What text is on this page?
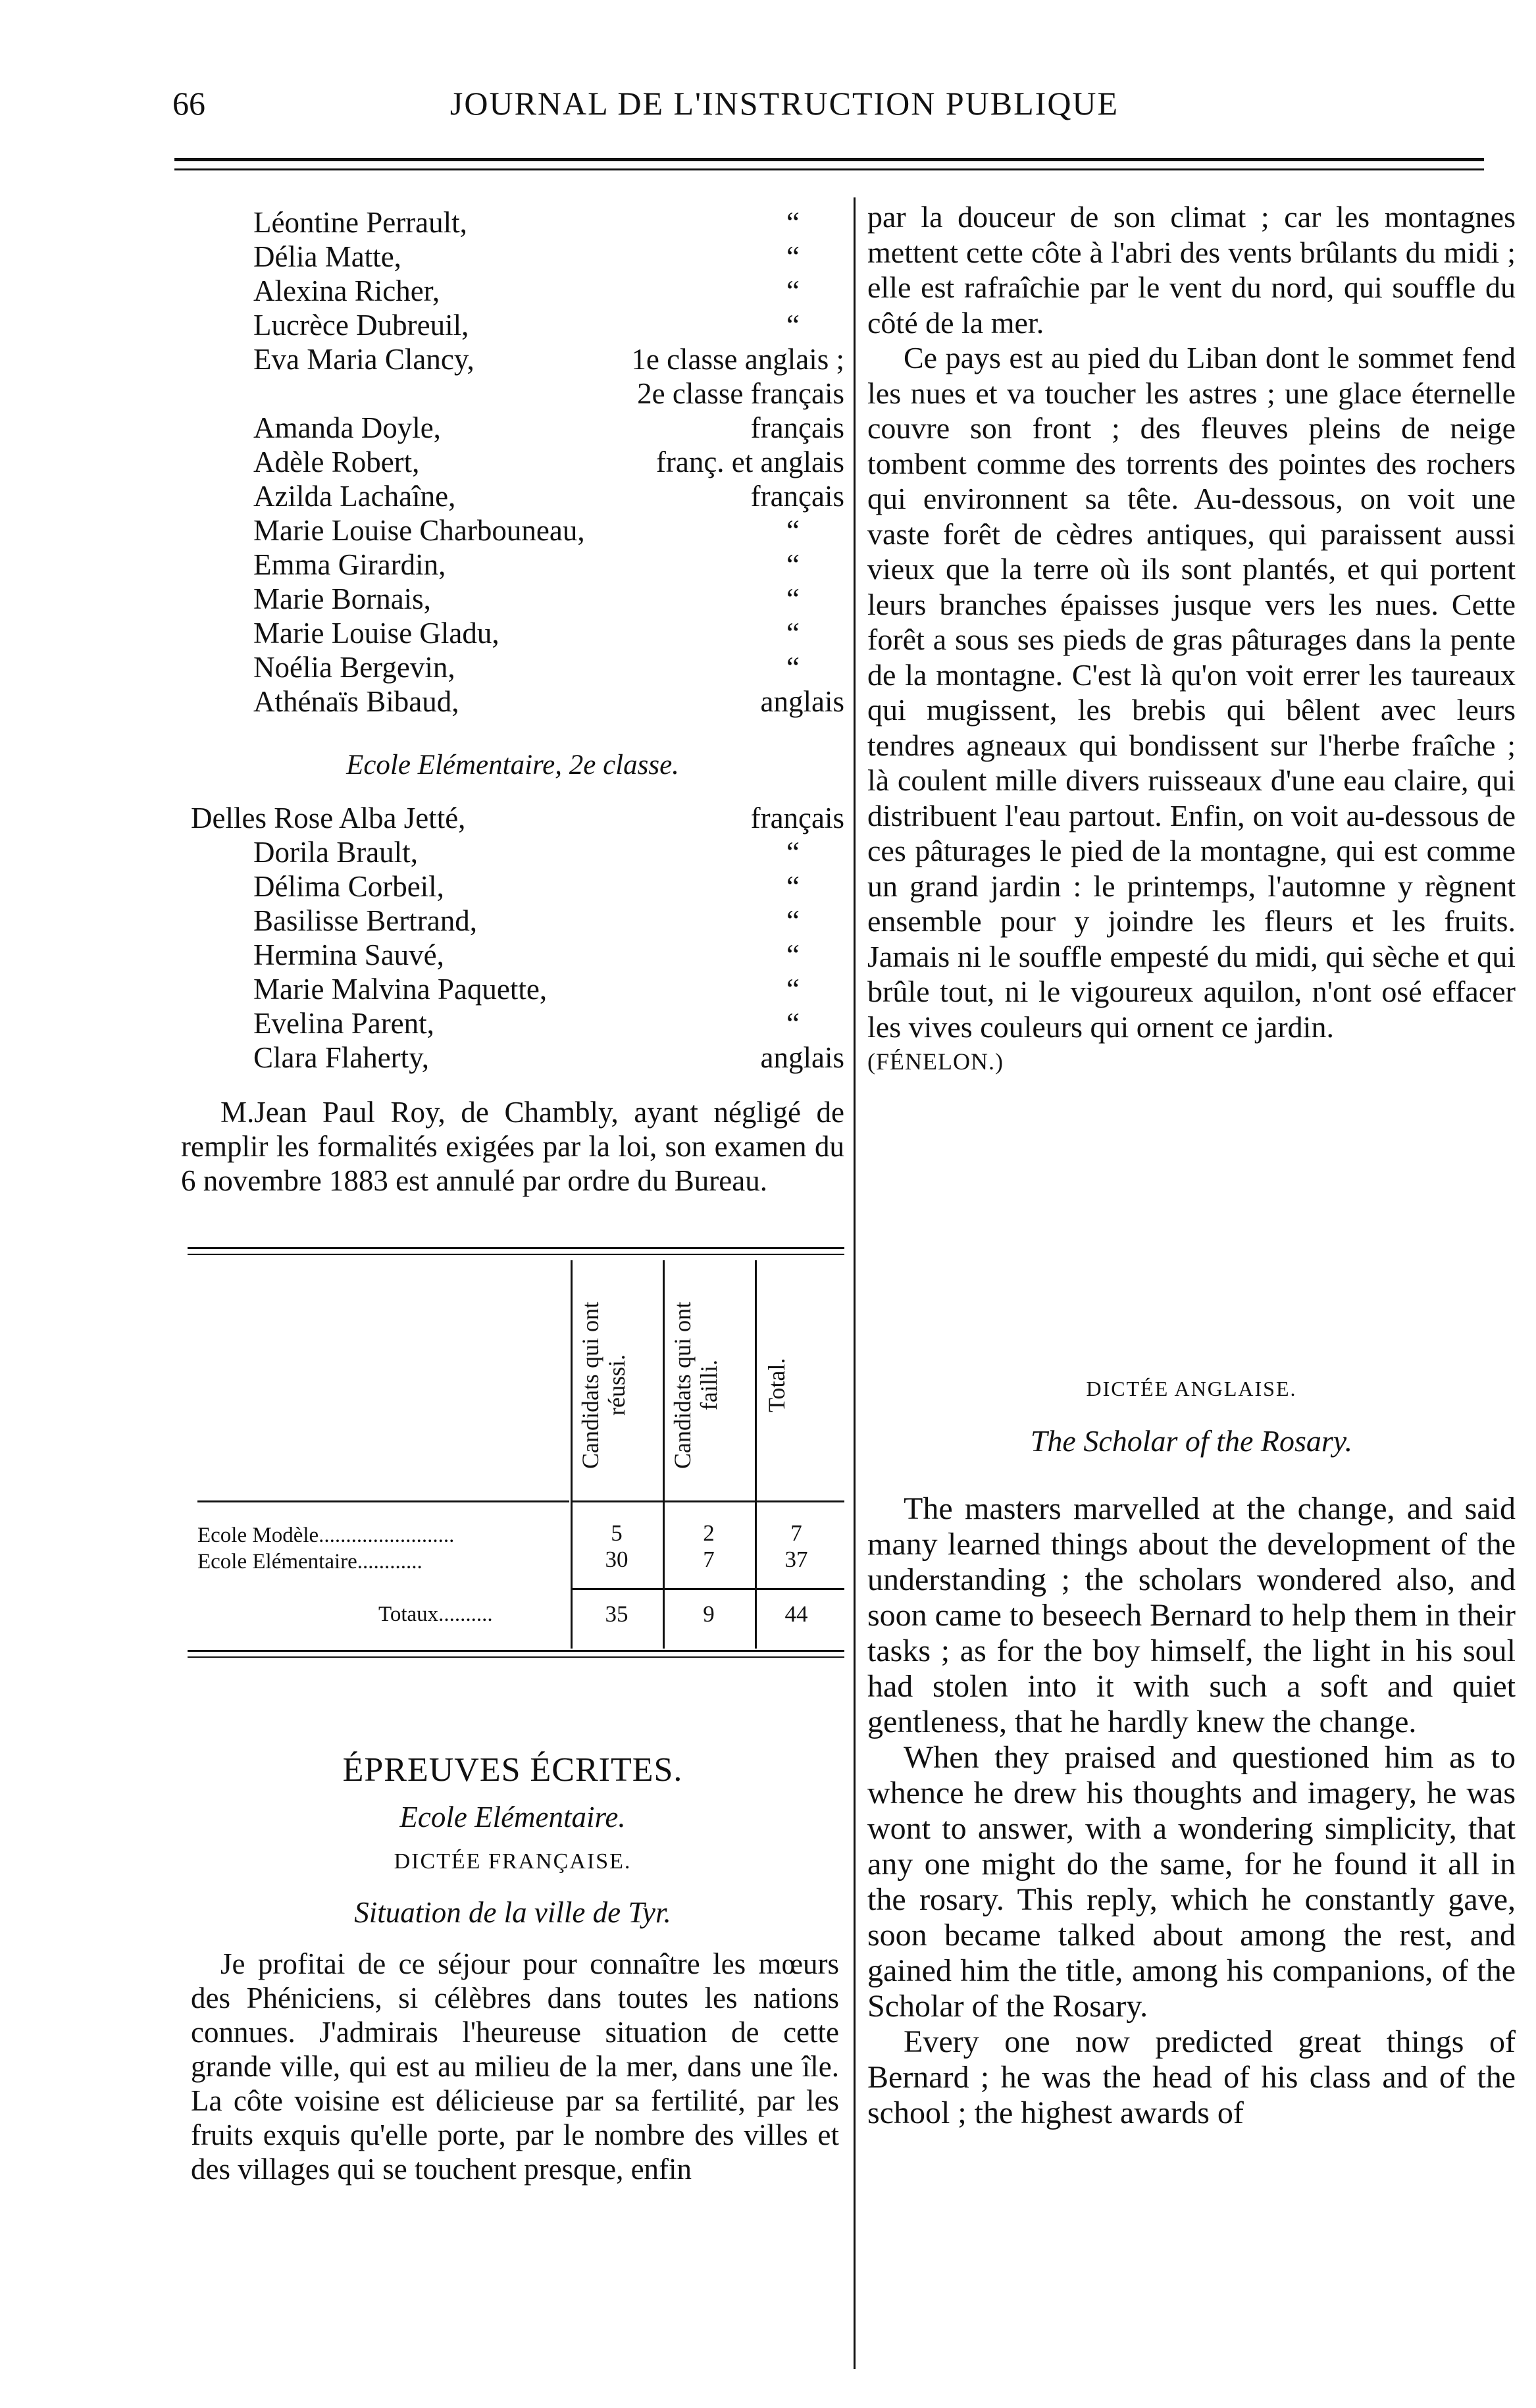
66	JOURNAL DE L'INSTRUCTION PUBLIQUE
Léontine Perrault,	“
Délia Matte,	“
Alexina Richer,	“
Lucrèce Dubreuil,	“
Eva Maria Clancy,	1e classe anglais ;
2e classe français
Amanda Doyle,	français
Adèle Robert,	franç. et anglais
Azilda Lachaîne,	français
Marie Louise Charbouneau,	“
Emma Girardin,	“
Marie Bornais,	“
Marie Louise Gladu,	“
Noélia Bergevin,	“
Athénaïs Bibaud,	anglais
Ecole Elémentaire, 2e classe.
Delles Rose Alba Jetté,	français
Dorila Brault,	“
Délima Corbeil,	“
Basilisse Bertrand,	“
Hermina Sauvé,	“
Marie Malvina Paquette,	“
Evelina Parent,	“
Clara Flaherty,	anglais

M.Jean Paul Roy, de Chambly, ayant négligé de remplir les formalités exigées par la loi, son examen du 6 novembre 1883 est annulé par ordre du Bureau.

Candidats qui ont réussi.	Candidats qui ont failli.	Total.
Ecole Modèle.........................	5	2	7
Ecole Elémentaire............	30	7	37
Totaux..........	35	9	44
ÉPREUVES ÉCRITES.
Ecole Elémentaire.
DICTÉE FRANÇAISE.
Situation de la ville de Tyr.

Je profitai de ce séjour pour connaître les mœurs des Phéniciens, si célèbres dans toutes les nations connues. J'admirais l'heureuse situation de cette grande ville, qui est au milieu de la mer, dans une île. La côte voisine est délicieuse par sa fertilité, par les fruits exquis qu'elle porte, par le nombre des villes et des villages qui se touchent presque, enfin

par la douceur de son climat ; car les montagnes mettent cette côte à l'abri des vents brûlants du midi ; elle est rafraîchie par le vent du nord, qui souffle du côté de la mer.

Ce pays est au pied du Liban dont le sommet fend les nues et va toucher les astres ; une glace éternelle couvre son front ; des fleuves pleins de neige tombent comme des torrents des pointes des rochers qui environnent sa tête. Au-dessous, on voit une vaste forêt de cèdres antiques, qui paraissent aussi vieux que la terre où ils sont plantés, et qui portent leurs branches épaisses jusque vers les nues. Cette forêt a sous ses pieds de gras pâturages dans la pente de la montagne. C'est là qu'on voit errer les taureaux qui mugissent, les brebis qui bêlent avec leurs tendres agneaux qui bondissent sur l'herbe fraîche ; là coulent mille divers ruisseaux d'une eau claire, qui distribuent l'eau partout. Enfin, on voit au-dessous de ces pâturages le pied de la montagne, qui est comme un grand jardin : le printemps, l'automne y règnent ensemble pour y joindre les fleurs et les fruits. Jamais ni le souffle empesté du midi, qui sèche et qui brûle tout, ni le vigoureux aquilon, n'ont osé effacer les vives couleurs qui ornent ce jardin.

(FÉNELON.)

DICTÉE ANGLAISE.
The Scholar of the Rosary.

The masters marvelled at the change, and said many learned things about the development of the understanding ; the scholars wondered also, and soon came to beseech Bernard to help them in their tasks ; as for the boy himself, the light in his soul had stolen into it with such a soft and quiet gentleness, that he hardly knew the change.

When they praised and questioned him as to whence he drew his thoughts and imagery, he was wont to answer, with a wondering simplicity, that any one might do the same, for he found it all in the rosary. This reply, which he constantly gave, soon became talked about among the rest, and gained him the title, among his companions, of the Scholar of the Rosary.

Every one now predicted great things of Bernard ; he was the head of his class and of the school ; the highest awards of
